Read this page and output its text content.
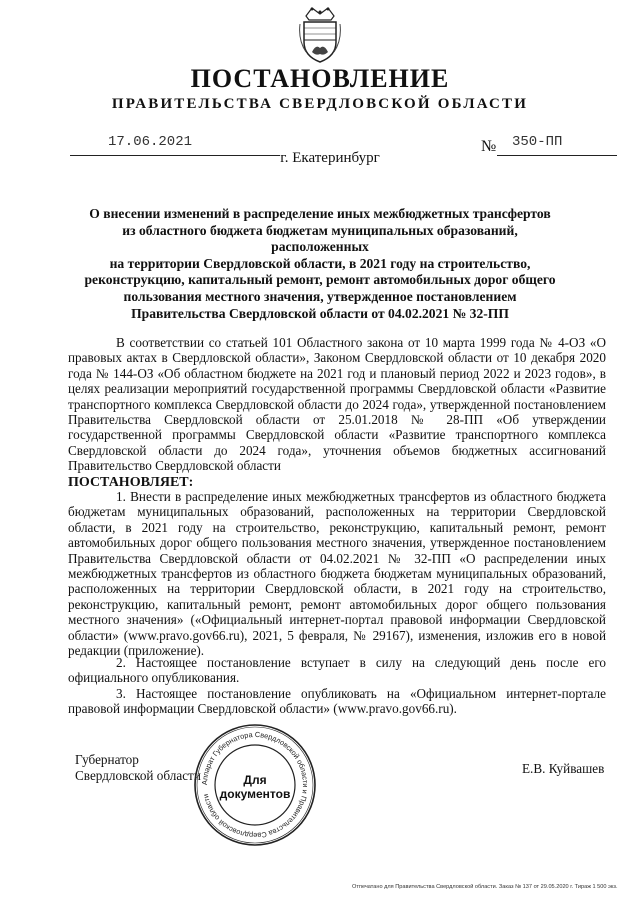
ПОСТАНОВЛЕНИЕ
ПРАВИТЕЛЬСТВА СВЕРДЛОВСКОЙ ОБЛАСТИ
17.06.2021	№ 350-ПП
г. Екатеринбург
О внесении изменений в распределение иных межбюджетных трансфертов
из областного бюджета бюджетам муниципальных образований, расположенных
на территории Свердловской области, в 2021 году на строительство,
реконструкцию, капитальный ремонт, ремонт автомобильных дорог общего
пользования местного значения, утвержденное постановлением
Правительства Свердловской области от 04.02.2021 № 32-ПП
В соответствии со статьей 101 Областного закона от 10 марта 1999 года № 4-ОЗ «О правовых актах в Свердловской области», Законом Свердловской области от 10 декабря 2020 года № 144-ОЗ «Об областном бюджете на 2021 год и плановый период 2022 и 2023 годов», в целях реализации мероприятий государственной программы Свердловской области «Развитие транспортного комплекса Свердловской области до 2024 года», утвержденной постановлением Правительства Свердловской области от 25.01.2018 № 28-ПП «Об утверждении государственной программы Свердловской области «Развитие транспортного комплекса Свердловской области до 2024 года», уточнения объемов бюджетных ассигнований Правительство Свердловской области
ПОСТАНОВЛЯЕТ:
1. Внести в распределение иных межбюджетных трансфертов из областного бюджета бюджетам муниципальных образований, расположенных на территории Свердловской области, в 2021 году на строительство, реконструкцию, капитальный ремонт, ремонт автомобильных дорог общего пользования местного значения, утвержденное постановлением Правительства Свердловской области от 04.02.2021 № 32-ПП «О распределении иных межбюджетных трансфертов из областного бюджета бюджетам муниципальных образований, расположенных на территории Свердловской области, в 2021 году на строительство, реконструкцию, капитальный ремонт, ремонт автомобильных дорог общего пользования местного значения» («Официальный интернет-портал правовой информации Свердловской области» (www.pravo.gov66.ru), 2021, 5 февраля, № 29167), изменения, изложив его в новой редакции (приложение).
2. Настоящее постановление вступает в силу на следующий день после его официального опубликования.
3. Настоящее постановление опубликовать на «Официальном интернет-портале правовой информации Свердловской области» (www.pravo.gov66.ru).
Губернатор
Свердловской области	Е.В. Куйвашев
Аппарат Губернатора Свердловской области и Правительства Свердловской области
Для
документов
Отпечатано для Правительства Свердловской области. Заказ № 137 от 29.05.2020 г. Тираж 1 500 экз.
